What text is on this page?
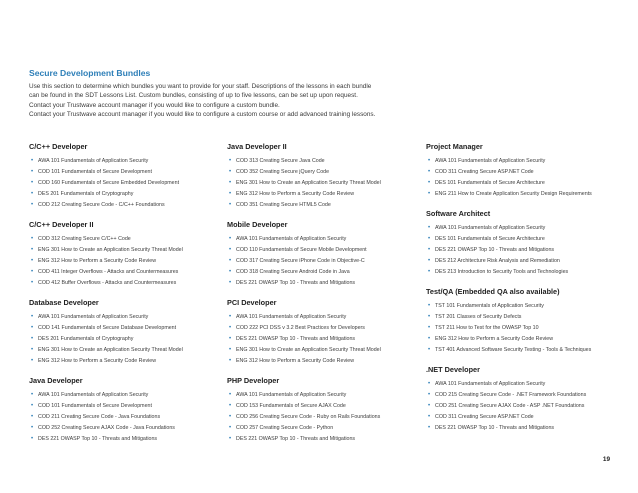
Secure Development Bundles

Use this section to determine which bundles you want to provide for your staff. Descriptions of the lessons in each bundle

can be found in the SDT Lessons List. Custom bundles, consisting of up to five lessons, can be set up upon request.

Contact your Trustwave account manager if you would like to configure a custom bundle.

Contact your Trustwave account manager if you would like to configure a custom course or add advanced training lessons.

C/C++ Developer
• AWA 101 Fundamentals of Application Security
• COD 101 Fundamentals of Secure Development
• COD 160 Fundamentals of Secure Embedded Development
• DES 201 Fundamentals of Cryptography
• COD 212 Creating Secure Code - C/C++ Foundations
C/C++ Developer II
• COD 312 Creating Secure C/C++ Code
• ENG 301 How to Create an Application Security Threat Model
• ENG 312 How to Perform a Security Code Review
• COD 411 Integer Overflows - Attacks and Countermeasures
• COD 412 Buffer Overflows - Attacks and Countermeasures
Database Developer
• AWA 101 Fundamentals of Application Security
• COD 141 Fundamentals of Secure Database Development
• DES 201 Fundamentals of Cryptography
• ENG 301 How to Create an Application Security Threat Model
• ENG 312 How to Perform a Security Code Review
Java Developer
• AWA 101 Fundamentals of Application Security
• COD 101 Fundamentals of Secure Development
• COD 211 Creating Secure Code - Java Foundations
• COD 252 Creating Secure AJAX Code - Java Foundations
• DES 221 OWASP Top 10 - Threats and Mitigations
Java Developer II
• COD 313 Creating Secure Java Code
• COD 352 Creating Secure jQuery Code
• ENG 301 How to Create an Application Security Threat Model
• ENG 312 How to Perform a Security Code Review
• COD 351 Creating Secure HTML5 Code
Mobile Developer
• AWA 101 Fundamentals of Application Security
• COD 110 Fundamentals of Secure Mobile Development
• COD 317 Creating Secure iPhone Code in Objective-C
• COD 318 Creating Secure Android Code in Java
• DES 221 OWASP Top 10 - Threats and Mitigations
PCI Developer
• AWA 101 Fundamentals of Application Security
• COD 222 PCI DSS v 3.2 Best Practices for Developers
• DES 221 OWASP Top 10 - Threats and Mitigations
• ENG 301 How to Create an Application Security Threat Model
• ENG 312 How to Perform a Security Code Review
PHP Developer
• AWA 101 Fundamentals of Application Security
• COD 153 Fundamentals of Secure AJAX Code
• COD 256 Creating Secure Code - Ruby on Rails Foundations
• COD 257 Creating Secure Code - Python
• DES 221 OWASP Top 10 - Threats and Mitigations
Project Manager
• AWA 101 Fundamentals of Application Security
• COD 311 Creating Secure ASP.NET Code
• DES 101 Fundamentals of Secure Architecture
• ENG 211 How to Create Application Security Design Requirements
Software Architect
• AWA 101 Fundamentals of Application Security
• DES 101 Fundamentals of Secure Architecture
• DES 221 OWASP Top 10 - Threats and Mitigations
• DES 212 Architecture Risk Analysis and Remediation
• DES 213 Introduction to Security Tools and Technologies
Test/QA (Embedded QA also available)
• TST 101 Fundamentals of Application Security
• TST 201 Classes of Security Defects
• TST 211 How to Test for the OWASP Top 10
• ENG 312 How to Perform a Security Code Review
• TST 401 Advanced Software Security Testing - Tools & Techniques
.NET Developer
• AWA 101 Fundamentals of Application Security
• COD 215 Creating Secure Code - .NET Framework Foundations
• COD 251 Creating Secure AJAX Code - ASP .NET Foundations
• COD 311 Creating Secure ASP.NET Code
• DES 221 OWASP Top 10 - Threats and Mitigations
19
